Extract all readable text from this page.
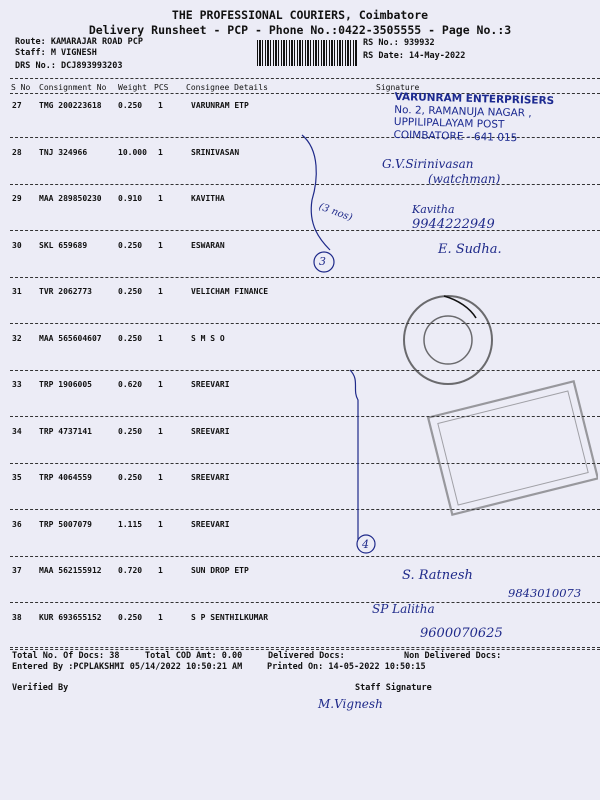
THE PROFESSIONAL COURIERS, Coimbatore
Delivery Runsheet - PCP - Phone No.:0422-3505555 - Page No.:3
Route: KAMARAJAR ROAD PCP
Staff: M VIGNESH
DRS No.: DCJ893993203
RS No.: 939932
RS Date: 14-May-2022
S No Consignment No Weight PCS Consignee Details	Signature
27 TMG 200223618 0.250 1	VARUNRAM ETP
28 TNJ 324966	10.000 1	SRINIVASAN
29 MAA 289850230 0.910 1	KAVITHA
30 SKL 659689	0.250 1	ESWARAN
31 TVR 2062773	0.250 1	VELICHAM FINANCE
32 MAA 565604607 0.250 1	S M S O
33 TRP 1906005	0.620 1	SREEVARI
34 TRP 4737141	0.250 1	SREEVARI
35 TRP 4064559	0.250 1	SREEVARI
36 TRP 5007079	1.115 1	SREEVARI
37 MAA 562155912 0.720 1	SUN DROP ETP
38 KUR 693655152 0.250 1	S P SENTHILKUMAR
VARUNRAM ENTERPRISERS
No. 2, RAMANUJA NAGAR ,
UPPILIPALAYAM POST
COIMBATORE - 641 015
G.V.Sirinivasan
(watchman)
Kavitha
9944222949
(3 nos)
E. Sudha.
SP Lalitha
9600070625
S. Ratnesh
9843010073
M.Vignesh
3
4
Total No. Of Docs: 38	Total COD Amt: 0.00	Delivered Docs:	Non Delivered Docs:
Entered By :PCPLAKSHMI 05/14/2022 10:50:21 AM	Printed On: 14-05-2022 10:50:15
Verified By	Staff Signature
